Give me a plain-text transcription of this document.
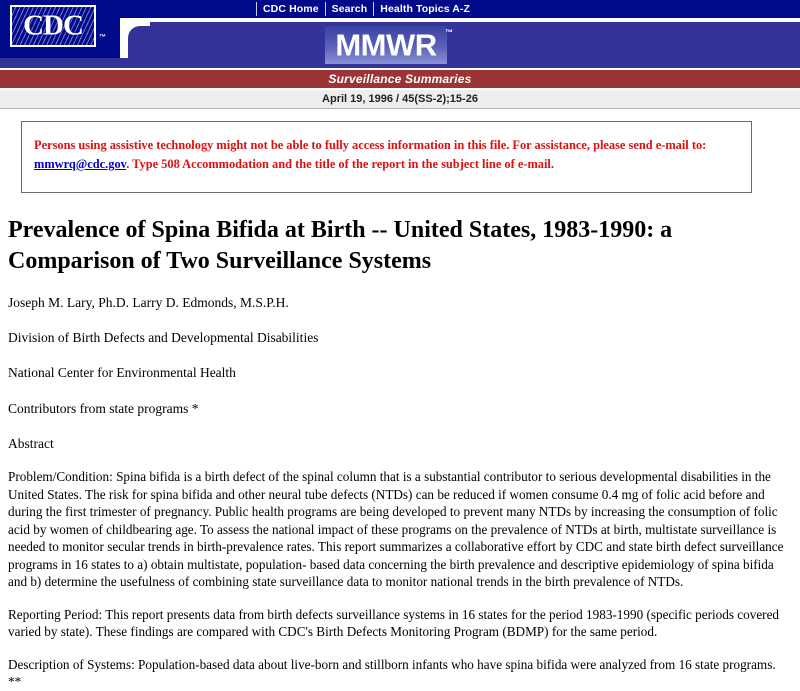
CDC Home	Search	Health Topics A-Z
CDC ™	MMWR ™
Surveillance Summaries
April 19, 1996 / 45(SS-2);15-26

Persons using assistive technology might not be able to fully access information in this file. For assistance, please send e-mail to: mmwrq@cdc.gov. Type 508 Accommodation and the title of the report in the subject line of e-mail.

Prevalence of Spina Bifida at Birth -- United States, 1983-1990: a Comparison of Two Surveillance Systems

Joseph M. Lary, Ph.D. Larry D. Edmonds, M.S.P.H.

Division of Birth Defects and Developmental Disabilities

National Center for Environmental Health

Contributors from state programs *

Abstract

Problem/Condition: Spina bifida is a birth defect of the spinal column that is a substantial contributor to serious developmental disabilities in the United States. The risk for spina bifida and other neural tube defects (NTDs) can be reduced if women consume 0.4 mg of folic acid before and during the first trimester of pregnancy. Public health programs are being developed to prevent many NTDs by increasing the consumption of folic acid by women of childbearing age. To assess the national impact of these programs on the prevalence of NTDs at birth, multistate surveillance is needed to monitor secular trends in birth-prevalence rates. This report summarizes a collaborative effort by CDC and state birth defect surveillance programs in 16 states to a) obtain multistate, population- based data concerning the birth prevalence and descriptive epidemiology of spina bifida and b) determine the usefulness of combining state surveillance data to monitor national trends in the birth prevalence of NTDs.

Reporting Period: This report presents data from birth defects surveillance systems in 16 states for the period 1983-1990 (specific periods covered varied by state). These findings are compared with CDC's Birth Defects Monitoring Program (BDMP) for the same period.

Description of Systems: Population-based data about live-born and stillborn infants who have spina bifida were analyzed from 16 state programs. **
